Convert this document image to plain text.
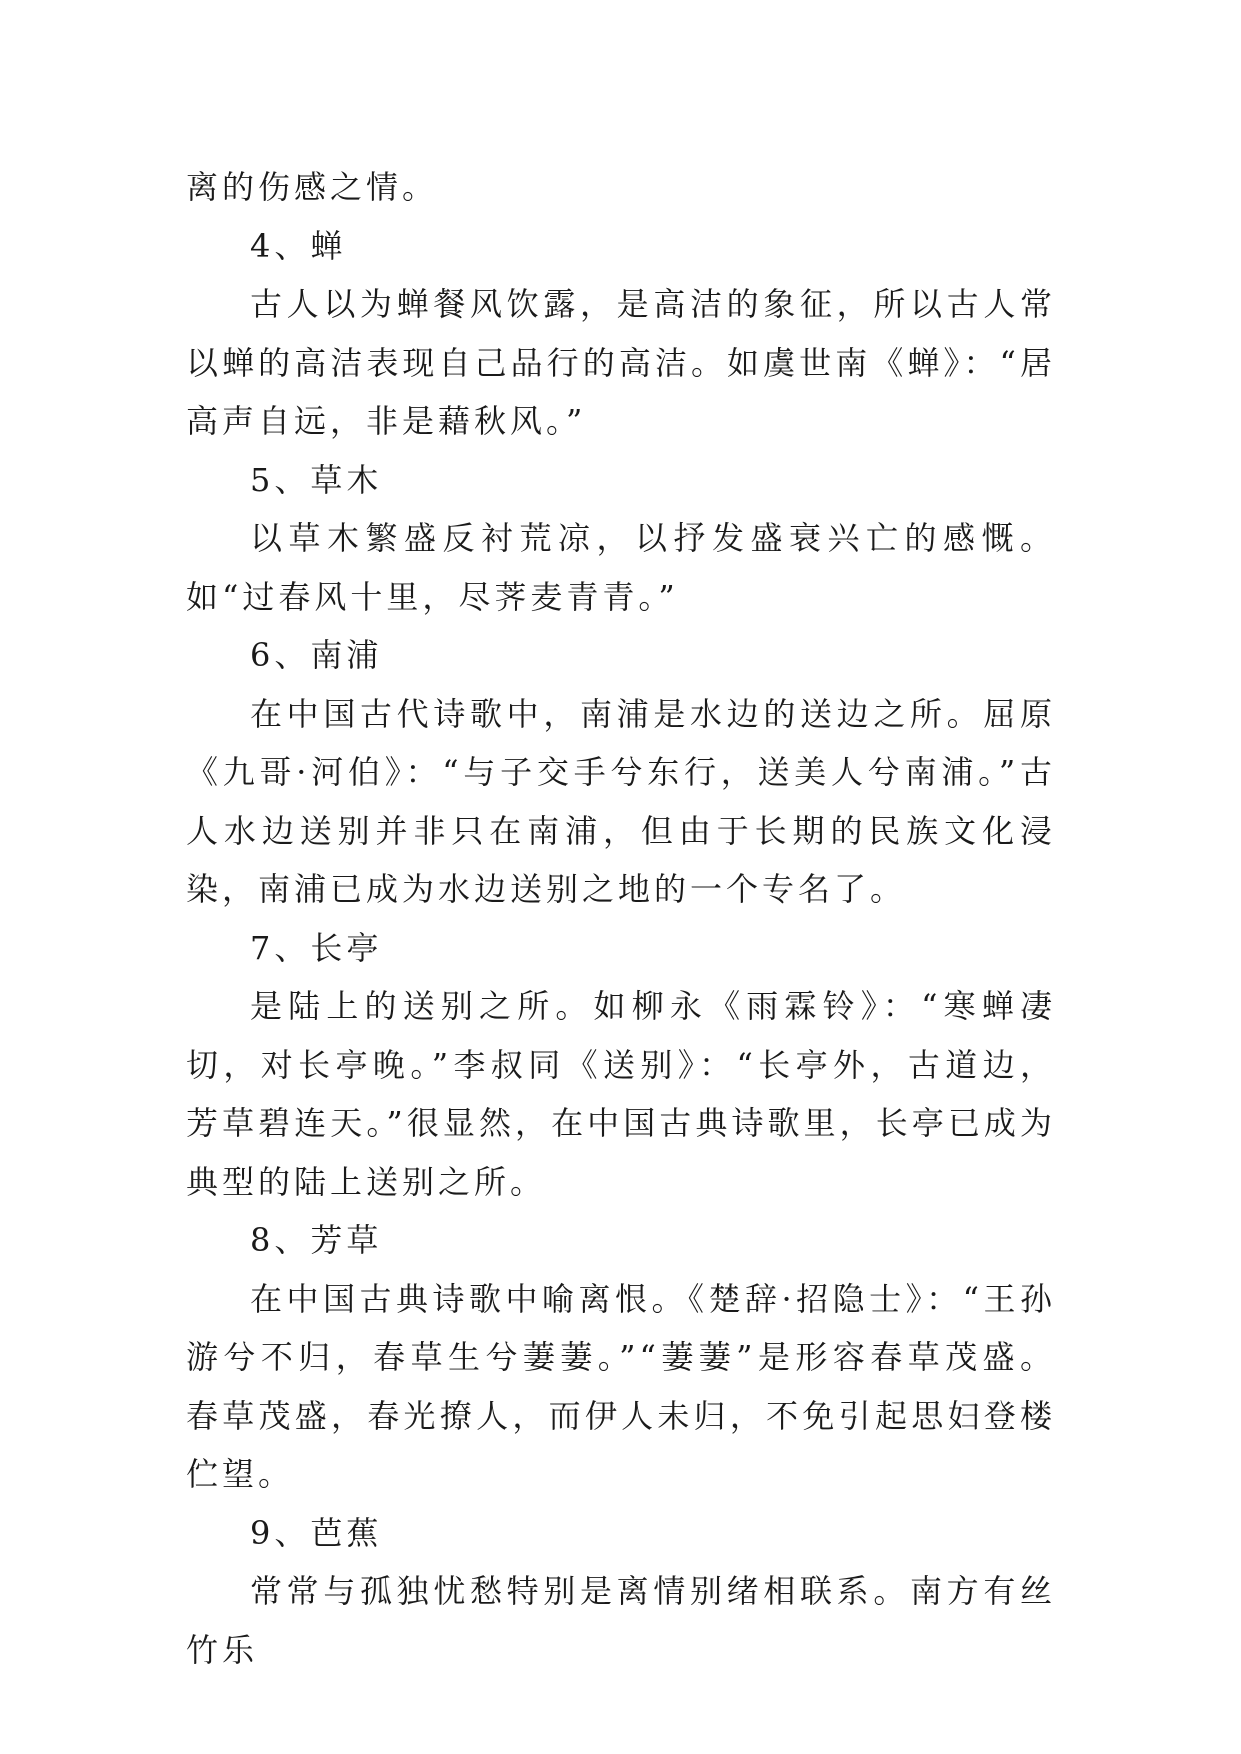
离的伤感之情。

4、蝉

古人以为蝉餐风饮露，是高洁的象征，所以古人常以蝉的高洁表现自己品行的高洁。如虞世南《蝉》：“居高声自远，非是藉秋风。”

5、草木

以草木繁盛反衬荒凉，以抒发盛衰兴亡的感慨。如“过春风十里，尽荠麦青青。”

6、南浦

在中国古代诗歌中，南浦是水边的送边之所。屈原《九哥·河伯》：“与子交手兮东行，送美人兮南浦。”古人水边送别并非只在南浦，但由于长期的民族文化浸染，南浦已成为水边送别之地的一个专名了。

7、长亭

是陆上的送别之所。如柳永《雨霖铃》：“寒蝉凄切，对长亭晚。”李叔同《送别》：“长亭外，古道边，芳草碧连天。”很显然，在中国古典诗歌里，长亭已成为典型的陆上送别之所。

8、芳草

在中国古典诗歌中喻离恨。《楚辞·招隐士》：“王孙游兮不归，春草生兮萋萋。”“萋萋”是形容春草茂盛。春草茂盛，春光撩人，而伊人未归，不免引起思妇登楼伫望。

9、芭蕉

常常与孤独忧愁特别是离情别绪相联系。南方有丝竹乐
